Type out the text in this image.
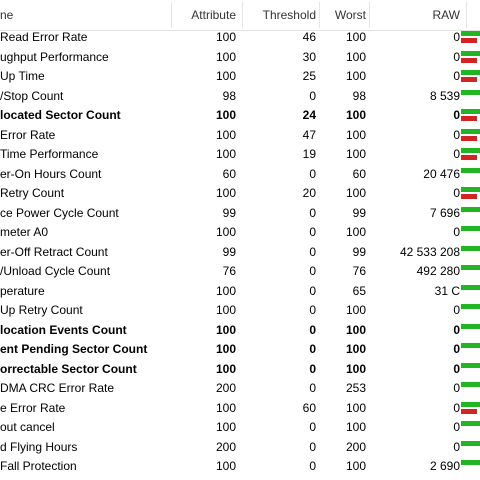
ne	Attribute	Threshold	Worst	RAW
Read Error Rate	100	46	100	0
ughput Performance	100	30	100	0
Up Time	100	25	100	0
/Stop Count	98	0	98	8 539
located Sector Count	100	24	100	0
Error Rate	100	47	100	0
Time Performance	100	19	100	0
er-On Hours Count	60	0	60	20 476
Retry Count	100	20	100	0
ce Power Cycle Count	99	0	99	7 696
meter A0	100	0	100	0
er-Off Retract Count	99	0	99	42 533 208
/Unload Cycle Count	76	0	76	492 280
perature	100	0	65	31 C
Up Retry Count	100	0	100	0
location Events Count	100	0	100	0
ent Pending Sector Count	100	0	100	0
orrectable Sector Count	100	0	100	0
DMA CRC Error Rate	200	0	253	0
e Error Rate	100	60	100	0
out cancel	100	0	100	0
d Flying Hours	200	0	200	0
Fall Protection	100	0	100	2 690
